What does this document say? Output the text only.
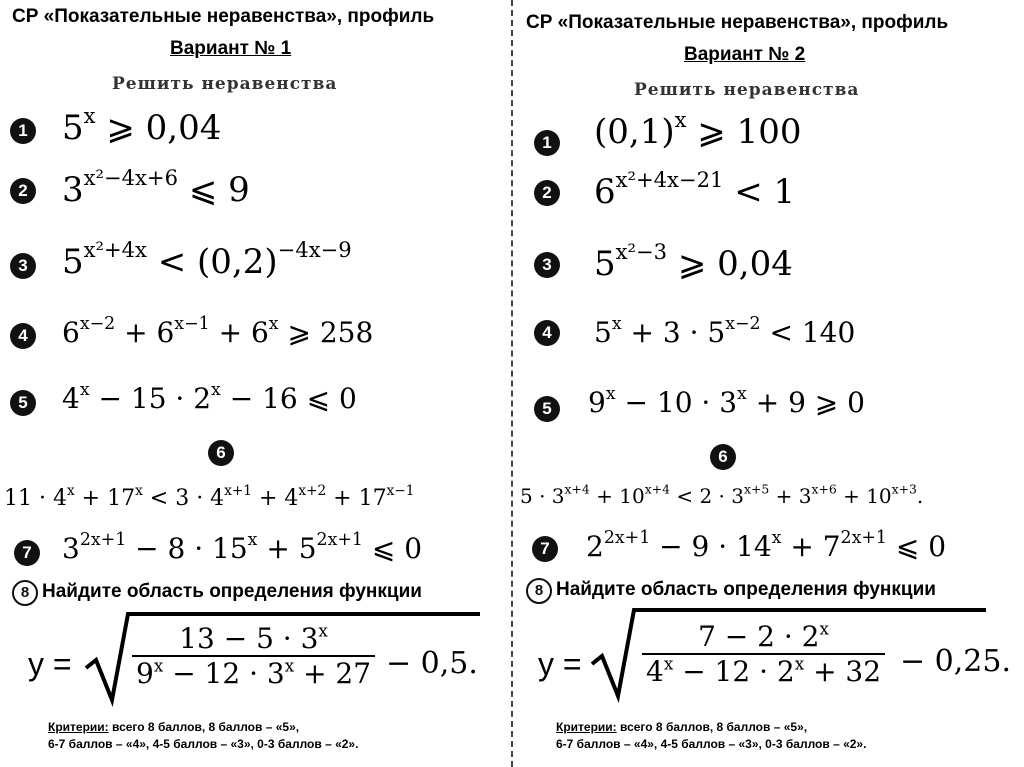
СР «Показательные неравенства», профиль
Вариант № 1
Решить неравенства
1 5$^x$ ⩾ 0,04
2 $3^{x^2-4x+6}$ ⩽ 9
3 $5^{x^2+4x} < (0,2)^{-4x-9}$
4 $6^{x-2} + 6^{x-1} + 6^x$ ⩾ 258
5 $4^x - 15 \cdot 2^x - 16$ ⩽ 0
6
$11 \cdot 4^x + 17^x < 3 \cdot 4^{x+1} + 4^{x+2} + 17^{x-1}$
7 $3^{2x+1} - 8 \cdot 15^x + 5^{2x+1}$ ⩽ 0
8 Найдите область определения функции
$y = \frac{13 - 5 \cdot 3^x}{9^x - 12 \cdot 3^x + 27} - 0,5$.
Критерии: всего 8 баллов, 8 баллов – «5»,
6-7 баллов – «4», 4-5 баллов – «3», 0-3 баллов – «2».
СР «Показательные неравенства», профиль
Вариант № 2
Решить неравенства
1 $(0,1)^x$ ⩾ 100
2 $6^{x^2+4x-21} < 1$
3 $5^{x^2-3}$ ⩾ 0,04
4 $5^x + 3 \cdot 5^{x-2} < 140$
5 $9^x - 10 \cdot 3^x + 9$ ⩾ 0
6
$5 \cdot 3^{x+4} + 10^{x+4} < 2 \cdot 3^{x+5} + 3^{x+6} + 10^{x+3}$.
7 $2^{2x+1} - 9 \cdot 14^x + 7^{2x+1}$ ⩽ 0
8 Найдите область определения функции
$y = \frac{7 - 2 \cdot 2^x}{4^x - 12 \cdot 2^x + 32} - 0,25$.
Критерии: всего 8 баллов, 8 баллов – «5»,
6-7 баллов – «4», 4-5 баллов – «3», 0-3 баллов – «2».
